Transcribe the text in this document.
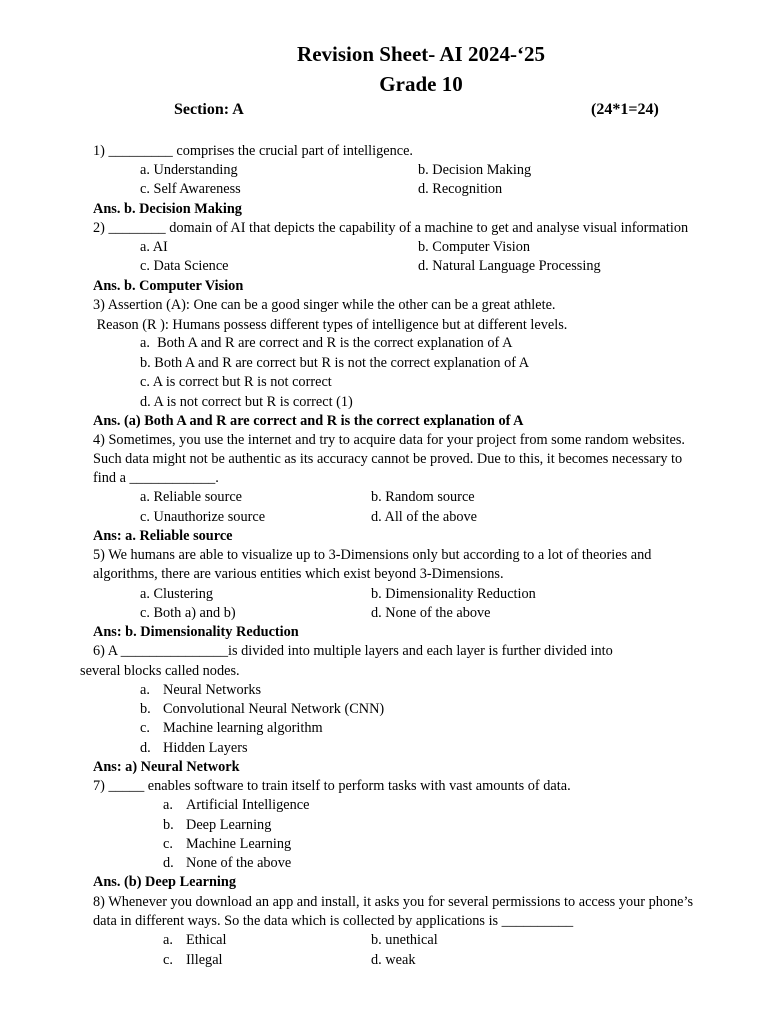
Revision Sheet- AI 2024-‘25
Grade 10
Section: A	(24*1=24)
1) _________ comprises the crucial part of intelligence.
a. Understanding	b. Decision Making
c. Self Awareness	d. Recognition
Ans. b. Decision Making
2) ________ domain of AI that depicts the capability of a machine to get and analyse visual information
a. AI	b. Computer Vision
c. Data Science	d. Natural Language Processing
Ans. b. Computer Vision
3) Assertion (A): One can be a good singer while the other can be a great athlete.
Reason (R ): Humans possess different types of intelligence but at different levels.
a.  Both A and R are correct and R is the correct explanation of A
b. Both A and R are correct but R is not the correct explanation of A
c. A is correct but R is not correct
d. A is not correct but R is correct (1)
Ans. (a) Both A and R are correct and R is the correct explanation of A
4) Sometimes, you use the internet and try to acquire data for your project from some random websites.
Such data might not be authentic as its accuracy cannot be proved. Due to this, it becomes necessary to
find a ____________.
a. Reliable source	b. Random source
c. Unauthorize source	d. All of the above
Ans: a. Reliable source
5) We humans are able to visualize up to 3-Dimensions only but according to a lot of theories and
algorithms, there are various entities which exist beyond 3-Dimensions.
a. Clustering	b. Dimensionality Reduction
c. Both a) and b)	d. None of the above
Ans: b. Dimensionality Reduction
6) A _______________is divided into multiple layers and each layer is further divided into
several blocks called nodes.
a. Neural Networks
b. Convolutional Neural Network (CNN)
c. Machine learning algorithm
d. Hidden Layers
Ans: a) Neural Network
7) _____ enables software to train itself to perform tasks with vast amounts of data.
a. Artificial Intelligence
b. Deep Learning
c. Machine Learning
d. None of the above
Ans. (b) Deep Learning
8) Whenever you download an app and install, it asks you for several permissions to access your phone’s
data in different ways. So the data which is collected by applications is __________
a. Ethical	b. unethical
c. Illegal	d. weak
